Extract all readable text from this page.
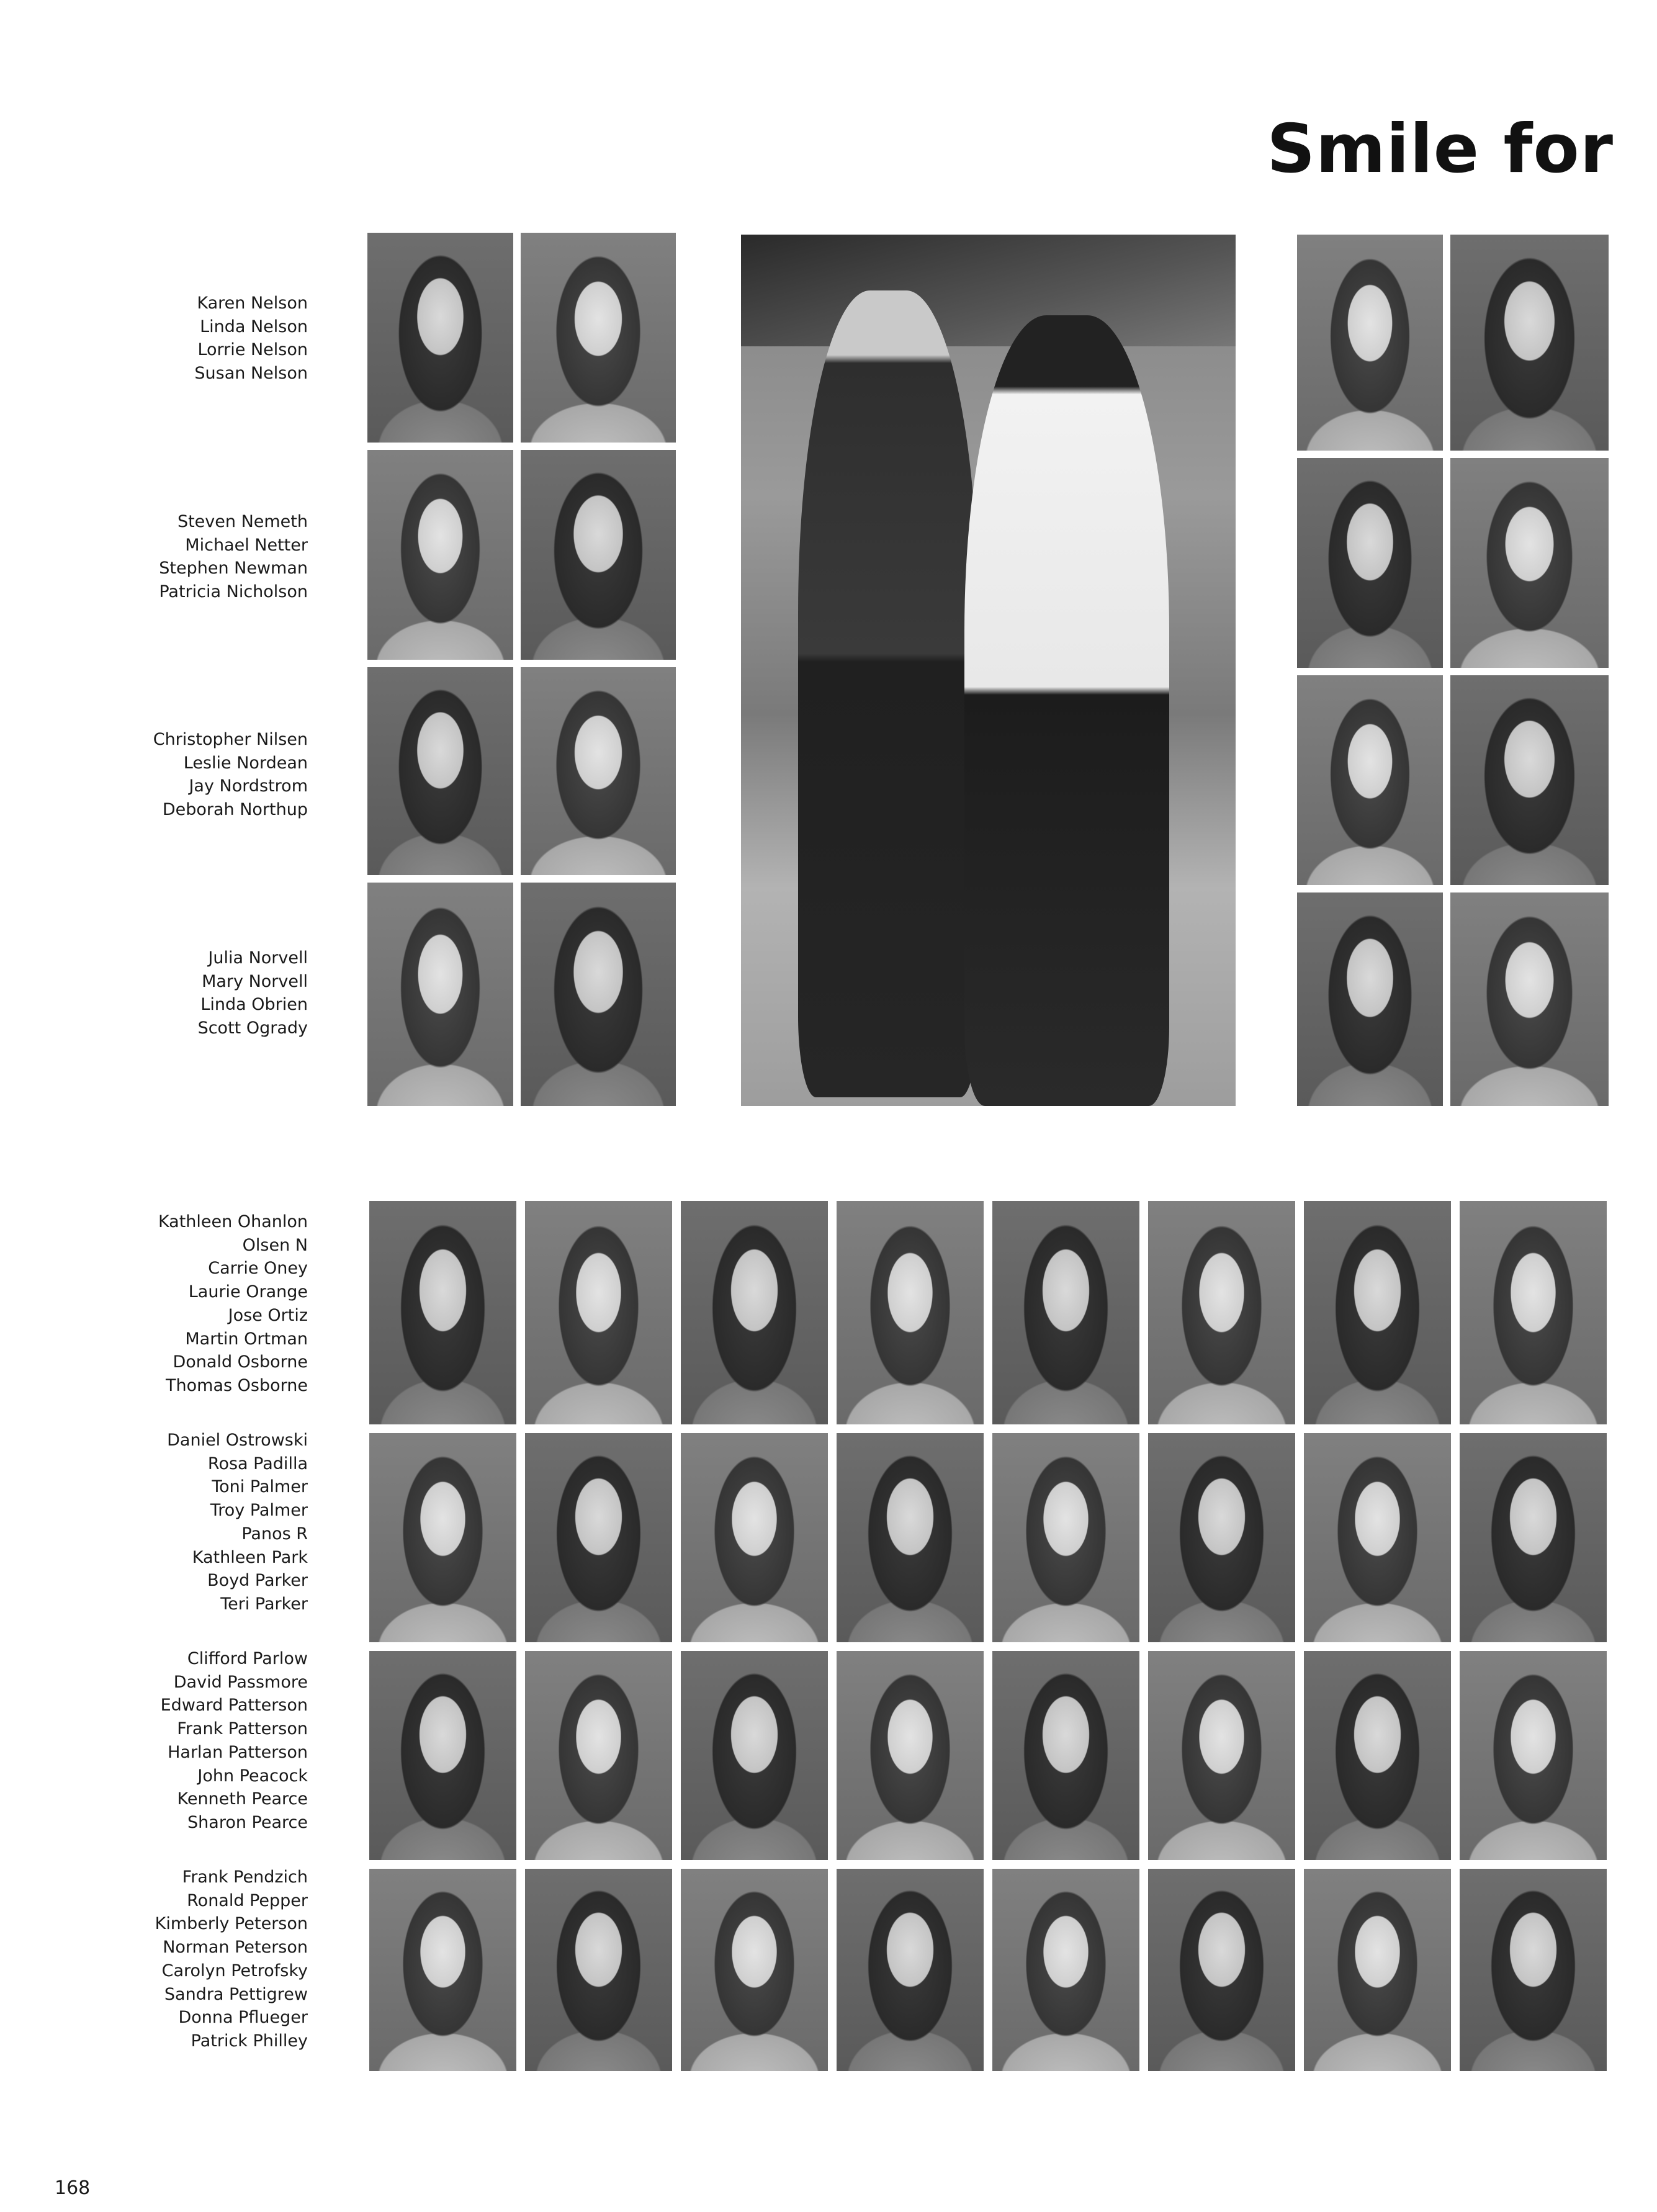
Smile for
Karen Nelson
Linda Nelson
Lorrie Nelson
Susan Nelson
Steven Nemeth
Michael Netter
Stephen Newman
Patricia Nicholson
Christopher Nilsen
Leslie Nordean
Jay Nordstrom
Deborah Northup
Julia Norvell
Mary Norvell
Linda Obrien
Scott Ogrady
Kathleen Ohanlon
Olsen N
Carrie Oney
Laurie Orange
Jose Ortiz
Martin Ortman
Donald Osborne
Thomas Osborne
Daniel Ostrowski
Rosa Padilla
Toni Palmer
Troy Palmer
Panos R
Kathleen Park
Boyd Parker
Teri Parker
Clifford Parlow
David Passmore
Edward Patterson
Frank Patterson
Harlan Patterson
John Peacock
Kenneth Pearce
Sharon Pearce
Frank Pendzich
Ronald Pepper
Kimberly Peterson
Norman Peterson
Carolyn Petrofsky
Sandra Pettigrew
Donna Pflueger
Patrick Philley
168
